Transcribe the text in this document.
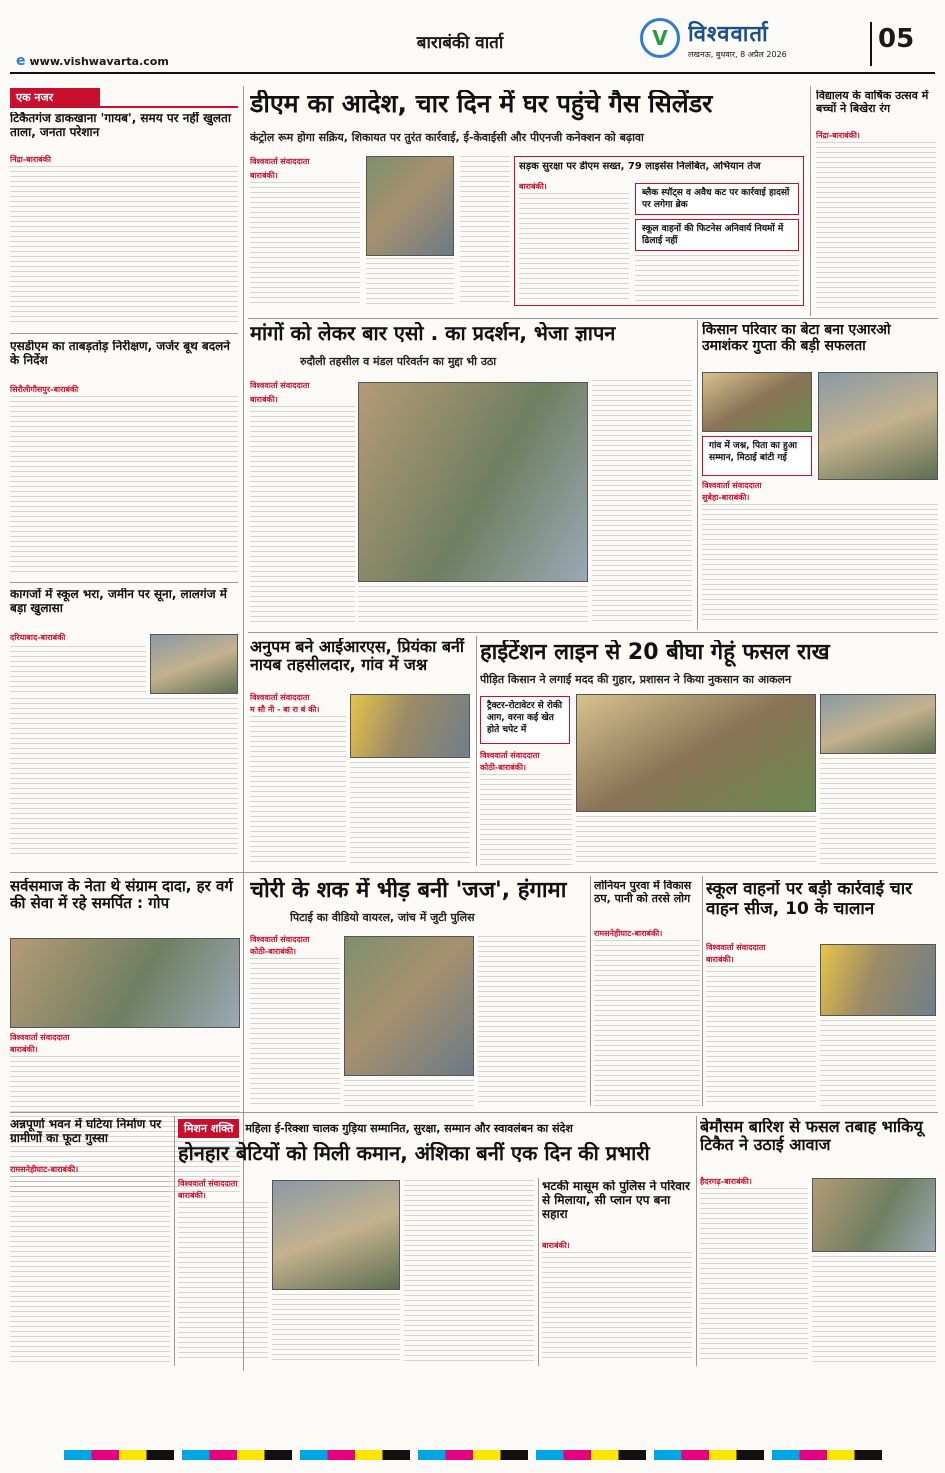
बाराबंकी वार्ता
e www.vishwavarta.com
V विश्ववार्ता
लखनऊ, बुधवार, 8 अप्रैल 2026
05
एक नजर
टिकैतगंज डाकखाना 'गायब', समय पर नहीं खुलता ताला, जनता परेशान
निंद्रा-बाराबंकी
एसडीएम का ताबड़तोड़ निरीक्षण, जर्जर बूथ बदलने के निर्देश
सिरौलीगौसपुर-बाराबंकी
कागजों में स्कूल भरा, जमीन पर सूना, लालगंज में बड़ा खुलासा
दरियाबाद-बाराबंकी
डीएम का आदेश, चार दिन में घर पहुंचे गैस सिलेंडर
कंट्रोल रूम होगा सक्रिय, शिकायत पर तुरंत कार्रवाई, ई-केवाईसी और पीएनजी कनेक्शन को बढ़ावा
विश्ववार्ता संवाददाता
बाराबंकी।
सड़क सुरक्षा पर डीएम सख्त, 79 लाइसेंस निलंबित, अभियान तेज
बाराबंकी।
ब्लैक स्पॉट्स व अवैध कट पर कार्रवाई हादसों पर लगेगा ब्रेक
स्कूल वाहनों की फिटनेस अनिवार्य नियमों में ढिलाई नहीं
विद्यालय के वार्षिक उत्सव में बच्चों ने बिखेरा रंग
निंद्रा-बाराबंकी।
मांगों को लेकर बार एसो . का प्रदर्शन, भेजा ज्ञापन
रुदौली तहसील व मंडल परिवर्तन का मुद्दा भी उठा
विश्ववार्ता संवाददाता
बाराबंकी।
किसान परिवार का बेटा बना एआरओ उमाशंकर गुप्ता की बड़ी सफलता
गांव में जश्न, पिता का हुआ सम्मान, मिठाई बांटी गई
विश्ववार्ता संवाददाता
सुबेहा-बाराबंकी।
अनुपम बने आईआरएस, प्रियंका बनीं नायब तहसीलदार, गांव में जश्न
विश्ववार्ता संवाददाता
म सौ नी - बा रा बं की।
हाईटेंशन लाइन से 20 बीघा गेहूं फसल राख
पीड़ित किसान ने लगाई मदद की गुहार, प्रशासन ने किया नुकसान का आकलन
ट्रैक्टर-रोटावेटर से रोकी आग, वरना कई खेत होते चपेट में
विश्ववार्ता संवाददाता
कोठी-बाराबंकी।
सर्वसमाज के नेता थे संग्राम दादा, हर वर्ग की सेवा में रहे समर्पित : गोप
विश्ववार्ता संवाददाता
बाराबंकी।
चोरी के शक में भीड़ बनी 'जज', हंगामा
पिटाई का वीडियो वायरल, जांच में जुटी पुलिस
विश्ववार्ता संवाददाता
कोठी-बाराबंकी।
लोनियन पुरवा में विकास ठप, पानी को तरसे लोग
रामसनेहीघाट-बाराबंकी।
स्कूल वाहनों पर बड़ी कार्रवाई चार वाहन सीज, 10 के चालान
विश्ववार्ता संवाददाता
बाराबंकी।
अन्नपूर्णा भवन में घटिया निर्माण पर ग्रामीणों का फूटा गुस्सा
रामसनेहीघाट-बाराबंकी।
मिशन शक्ति	महिला ई-रिक्शा चालक गुड़िया सम्मानित, सुरक्षा, सम्मान और स्वावलंबन का संदेश
होनहार बेटियों को मिली कमान, अंशिका बनीं एक दिन की प्रभारी
विश्ववार्ता संवाददाता
बाराबंकी।
भटकी मासूम को पुलिस ने परिवार से मिलाया, सी प्लान एप बना सहारा
बाराबंकी।
बेमौसम बारिश से फसल तबाह भाकियू टिकैत ने उठाई आवाज
हैदरगढ़-बाराबंकी।
